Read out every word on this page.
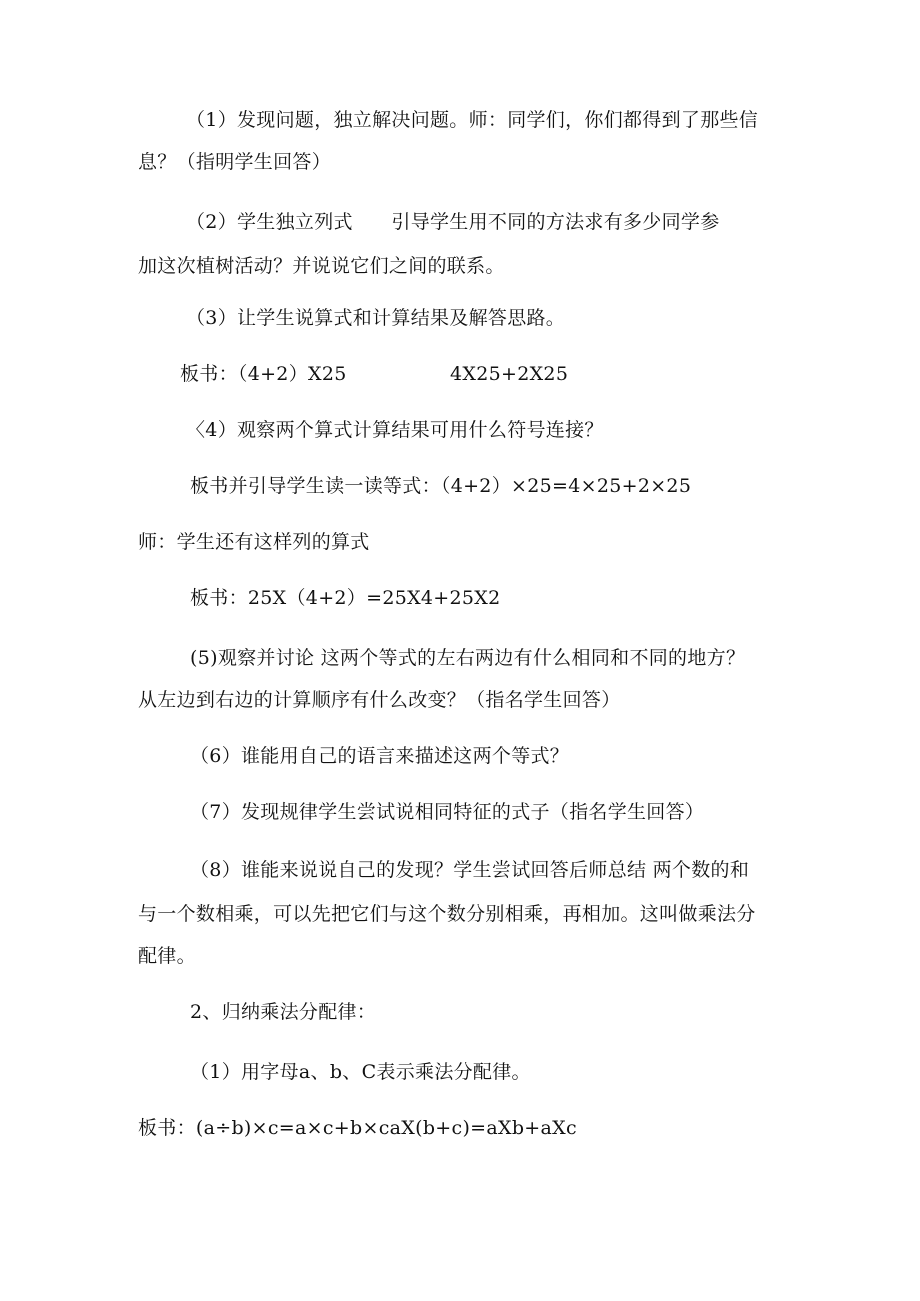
（1）发现问题，独立解决问题。师：同学们，你们都得到了那些信
息？（指明学生回答）
（2）学生独立列式　　引导学生用不同的方法求有多少同学参
加这次植树活动？并说说它们之间的联系。
（3）让学生说算式和计算结果及解答思路。
板书：（4+2）X25	4X25+2X25
〈4）观察两个算式计算结果可用什么符号连接？
板书并引导学生读一读等式：（4+2）×25=4×25+2×25
师：学生还有这样列的算式
板书：25X（4+2）=25X4+25X2
(5)观察并讨论 这两个等式的左右两边有什么相同和不同的地方？
从左边到右边的计算顺序有什么改变？（指名学生回答）
（6）谁能用自己的语言来描述这两个等式？
（7）发现规律学生尝试说相同特征的式子（指名学生回答）
（8）谁能来说说自己的发现？学生尝试回答后师总结 两个数的和
与一个数相乘，可以先把它们与这个数分别相乘，再相加。这叫做乘法分
配律。
2、归纳乘法分配律：
（1）用字母a、b、C表示乘法分配律。
板书：(a÷b)×c=a×c+b×caX(b+c)=aXb+aXc
